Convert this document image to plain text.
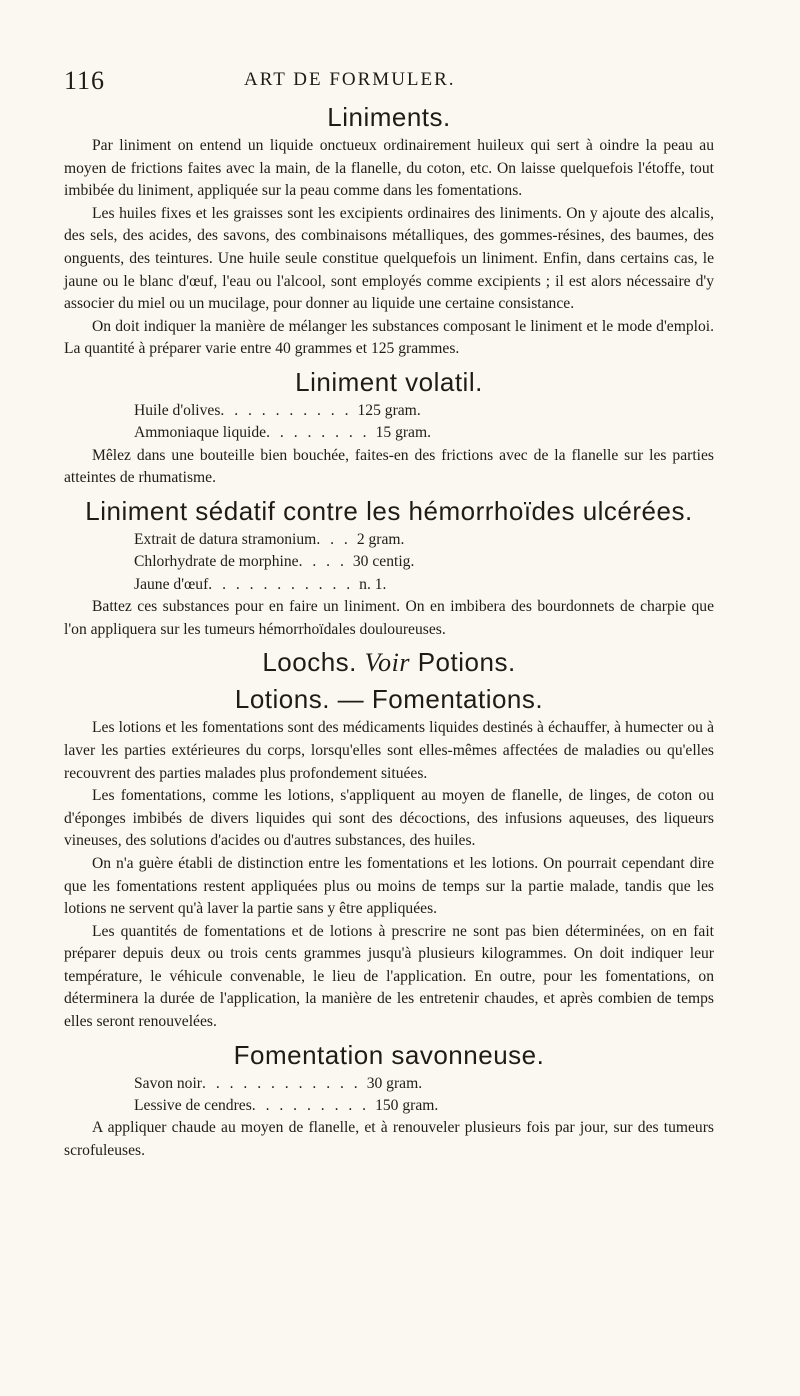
116	ART DE FORMULER.
Liniments.

Par liniment on entend un liquide onctueux ordinairement huileux qui sert à oindre la peau au moyen de frictions faites avec la main, de la flanelle, du coton, etc. On laisse quelquefois l'étoffe, tout imbibée du liniment, appliquée sur la peau comme dans les fomentations.

Les huiles fixes et les graisses sont les excipients ordinaires des liniments. On y ajoute des alcalis, des sels, des acides, des savons, des combinaisons métalliques, des gommes-résines, des baumes, des onguents, des teintures. Une huile seule constitue quelquefois un liniment. Enfin, dans certains cas, le jaune ou le blanc d'œuf, l'eau ou l'alcool, sont employés comme excipients ; il est alors nécessaire d'y associer du miel ou un mucilage, pour donner au liquide une certaine consistance.

On doit indiquer la manière de mélanger les substances composant le liniment et le mode d'emploi. La quantité à préparer varie entre 40 grammes et 125 grammes.

Liniment volatil.
Huile d'olives . . . . . . . . . . 125 gram.
Ammoniaque liquide . . . . . . . . 15 gram.

Mêlez dans une bouteille bien bouchée, faites-en des frictions avec de la flanelle sur les parties atteintes de rhumatisme.

Liniment sédatif contre les hémorrhoïdes ulcérées.
Extrait de datura stramonium . . . 2 gram.
Chlorhydrate de morphine . . . . 30 centig.
Jaune d'œuf . . . . . . . . . . . n. 1.

Battez ces substances pour en faire un liniment. On en imbibera des bourdonnets de charpie que l'on appliquera sur les tumeurs hémorrhoïdales douloureuses.

Loochs. Voir Potions.
Lotions. — Fomentations.

Les lotions et les fomentations sont des médicaments liquides destinés à échauffer, à humecter ou à laver les parties extérieures du corps, lorsqu'elles sont elles-mêmes affectées de maladies ou qu'elles recouvrent des parties malades plus profondement situées.

Les fomentations, comme les lotions, s'appliquent au moyen de flanelle, de linges, de coton ou d'éponges imbibés de divers liquides qui sont des décoctions, des infusions aqueuses, des liqueurs vineuses, des solutions d'acides ou d'autres substances, des huiles.

On n'a guère établi de distinction entre les fomentations et les lotions. On pourrait cependant dire que les fomentations restent appliquées plus ou moins de temps sur la partie malade, tandis que les lotions ne servent qu'à laver la partie sans y être appliquées.

Les quantités de fomentations et de lotions à prescrire ne sont pas bien déterminées, on en fait préparer depuis deux ou trois cents grammes jusqu'à plusieurs kilogrammes. On doit indiquer leur température, le véhicule convenable, le lieu de l'application. En outre, pour les fomentations, on déterminera la durée de l'application, la manière de les entretenir chaudes, et après combien de temps elles seront renouvelées.

Fomentation savonneuse.
Savon noir . . . . . . . . . . . . 30 gram.
Lessive de cendres . . . . . . . . . 150 gram.

A appliquer chaude au moyen de flanelle, et à renouveler plusieurs fois par jour, sur des tumeurs scrofuleuses.
